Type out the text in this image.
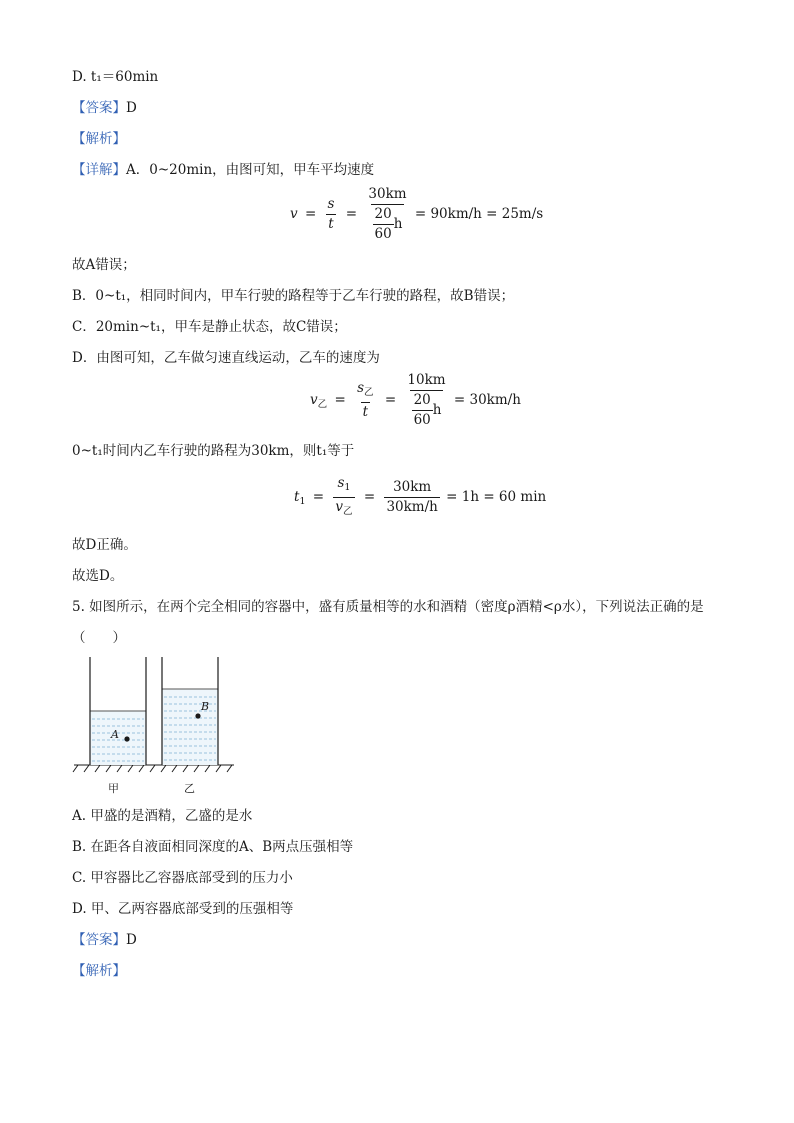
D. t₁＝60min
【答案】D
【解析】
【详解】A．0~20min，由图可知，甲车平均速度
$v = \frac{s}{t} = \frac{30km}{\frac{20}{60} h} = 90km/h = 25m/s$
故A错误；
B．0~t₁，相同时间内，甲车行驶的路程等于乙车行驶的路程，故B错误；
C．20min~t₁，甲车是静止状态，故C错误；
D．由图可知，乙车做匀速直线运动，乙车的速度为
$v_乙 = \frac{s_乙}{t} = \frac{10km}{\frac{20}{60} h} = 30km/h$
0~t₁时间内乙车行驶的路程为30km，则t₁等于
$t_1 = \frac{s_1}{v_乙} = \frac{30km}{30km/h} = 1h = 60$ min
故D正确。
故选D。
5. 如图所示，在两个完全相同的容器中，盛有质量相等的水和酒精（密度ρ酒精<ρ水），下列说法正确的是
（　　）
A
B
甲	乙
A. 甲盛的是酒精，乙盛的是水
B. 在距各自液面相同深度的A、B两点压强相等
C. 甲容器比乙容器底部受到的压力小
D. 甲、乙两容器底部受到的压强相等
【答案】D
【解析】
